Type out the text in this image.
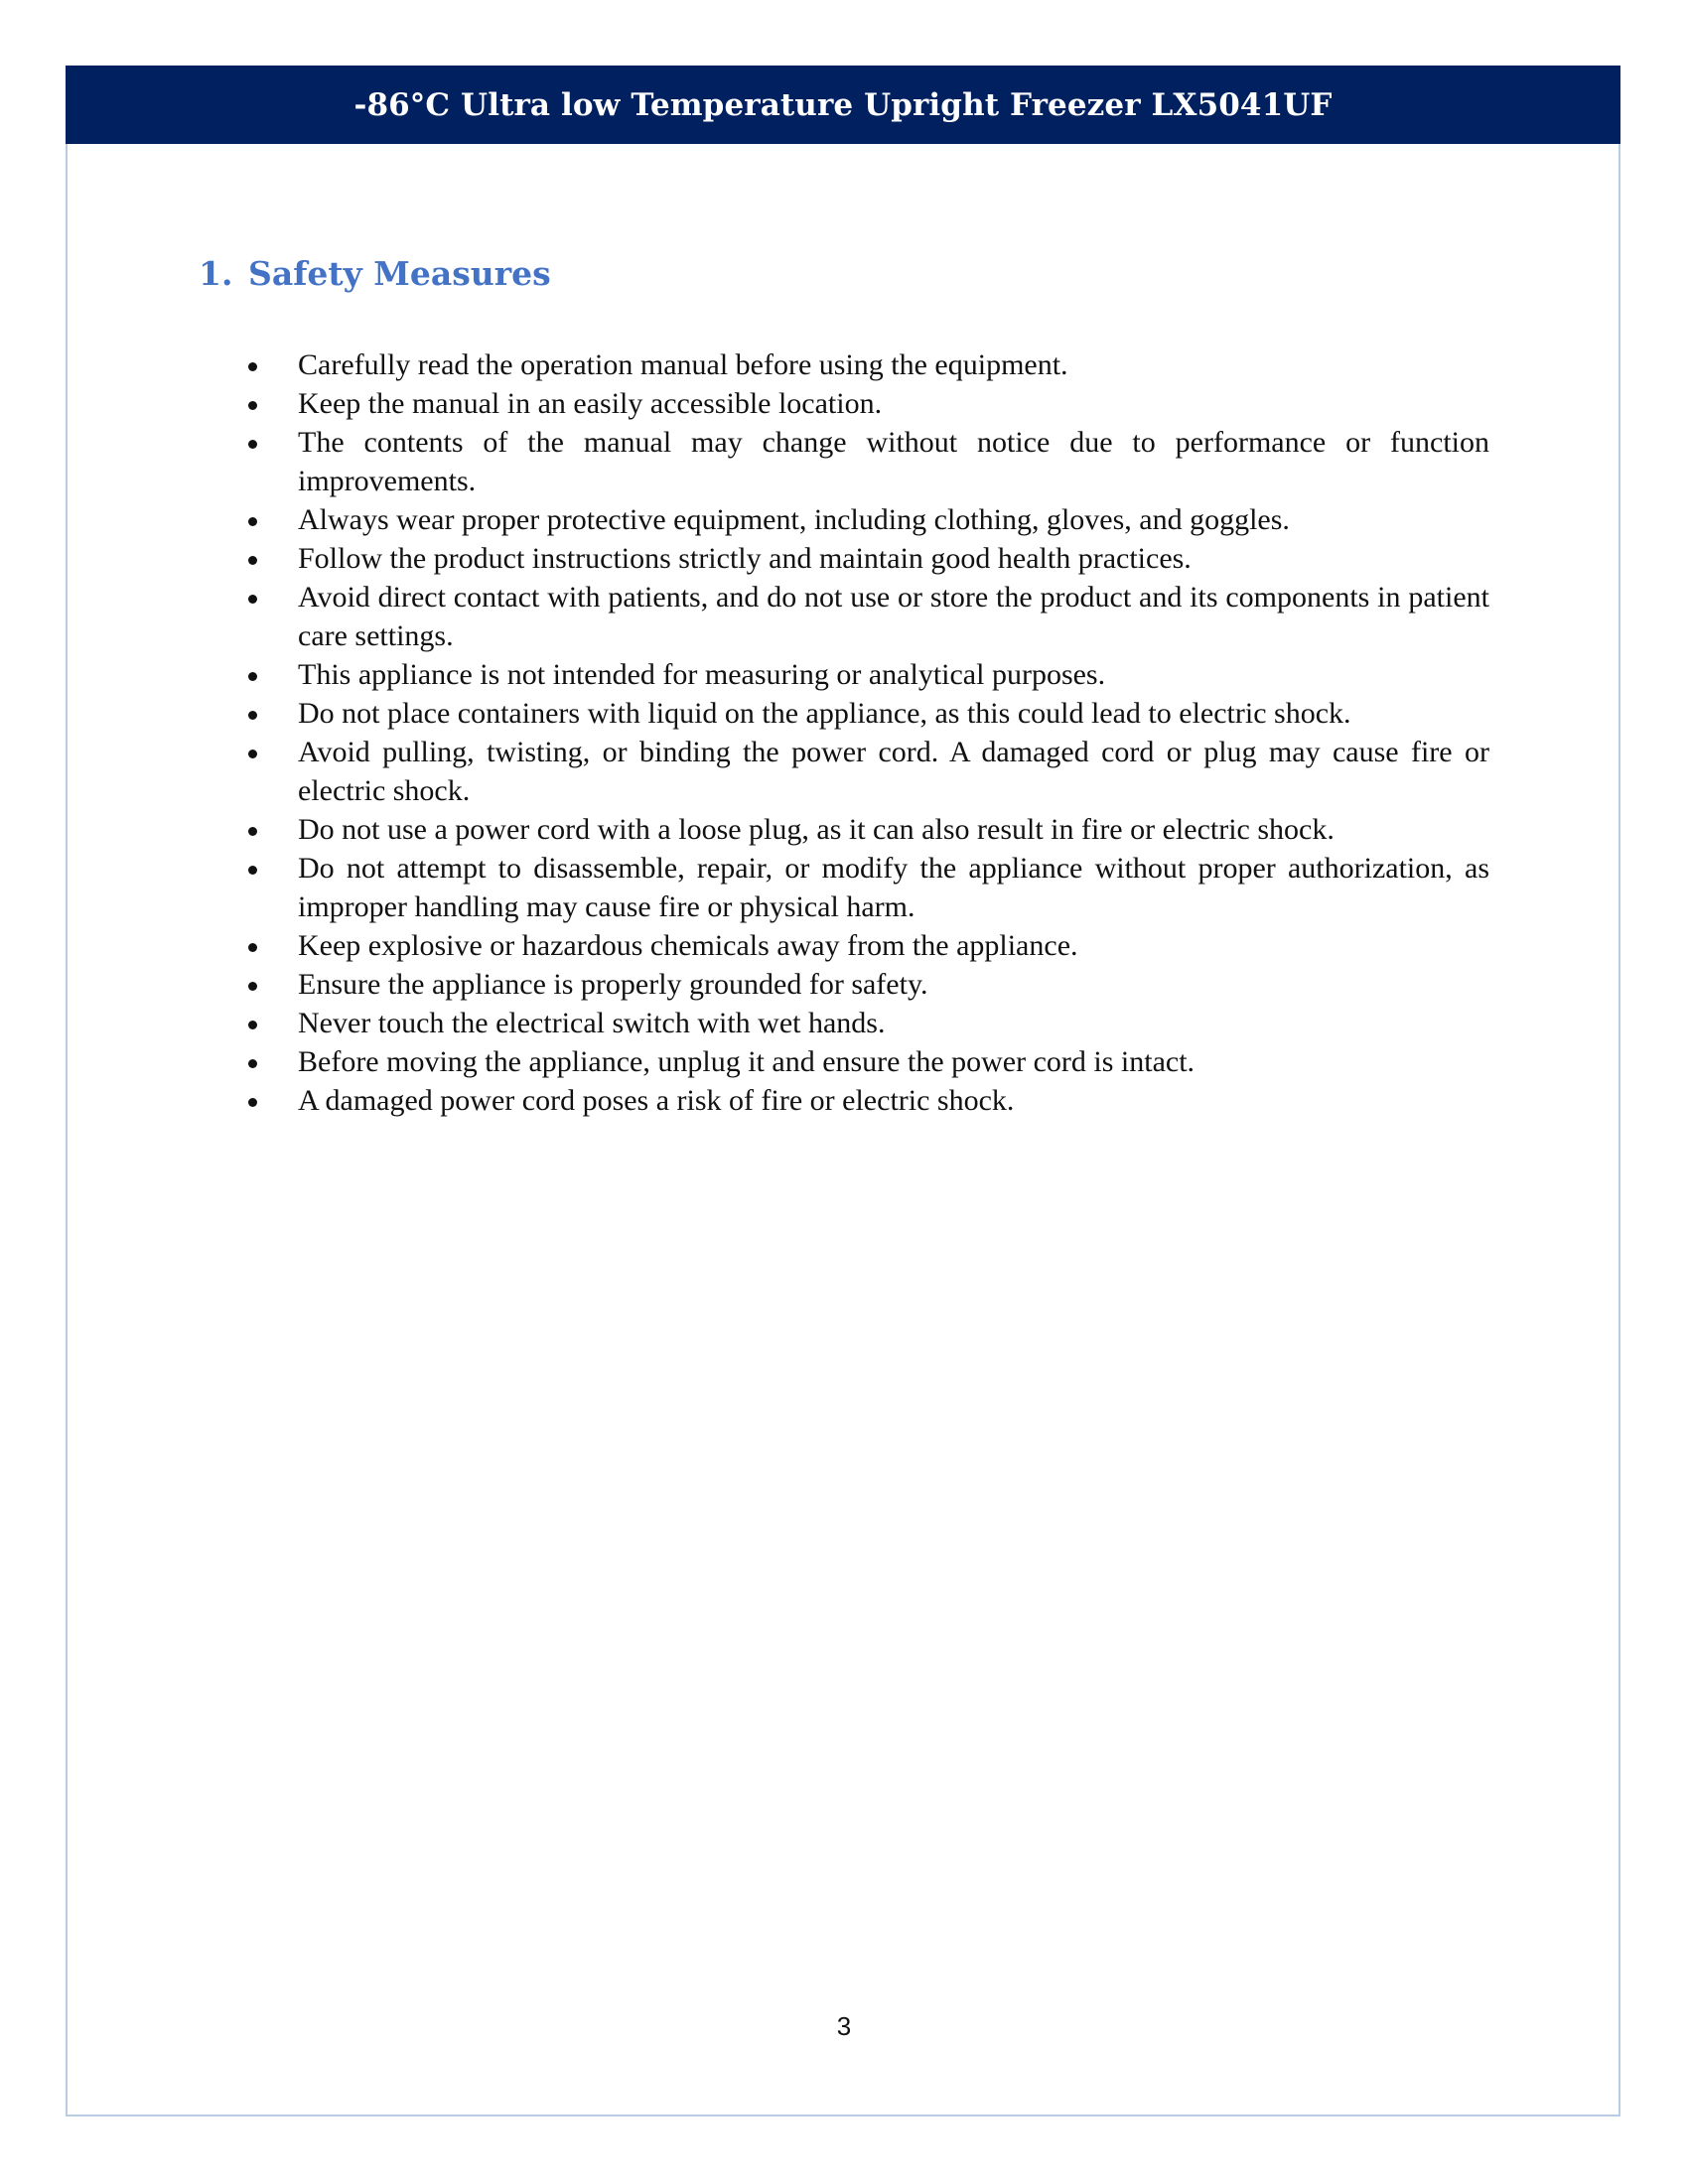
-86°C Ultra low Temperature Upright Freezer LX5041UF
1. Safety Measures
Carefully read the operation manual before using the equipment.
Keep the manual in an easily accessible location.
The contents of the manual may change without notice due to performance or function improvements.
Always wear proper protective equipment, including clothing, gloves, and goggles.
Follow the product instructions strictly and maintain good health practices.
Avoid direct contact with patients, and do not use or store the product and its components in patient care settings.
This appliance is not intended for measuring or analytical purposes.
Do not place containers with liquid on the appliance, as this could lead to electric shock.
Avoid pulling, twisting, or binding the power cord. A damaged cord or plug may cause fire or electric shock.
Do not use a power cord with a loose plug, as it can also result in fire or electric shock.
Do not attempt to disassemble, repair, or modify the appliance without proper authorization, as improper handling may cause fire or physical harm.
Keep explosive or hazardous chemicals away from the appliance.
Ensure the appliance is properly grounded for safety.
Never touch the electrical switch with wet hands.
Before moving the appliance, unplug it and ensure the power cord is intact.
A damaged power cord poses a risk of fire or electric shock.
3
